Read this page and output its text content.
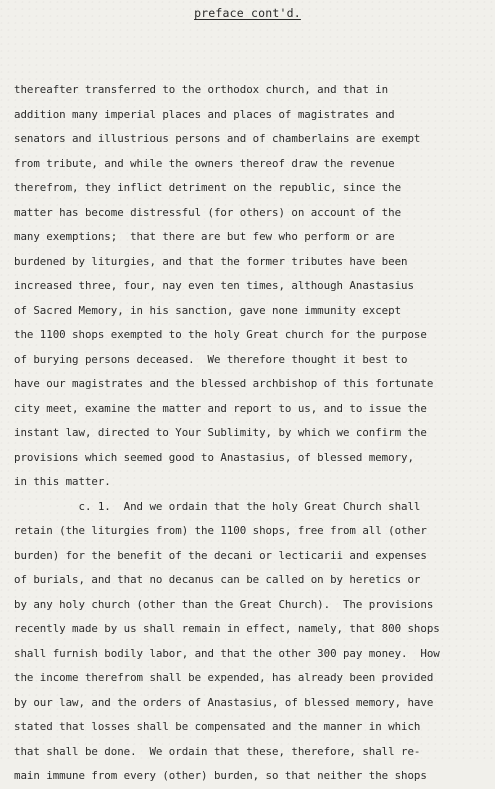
preface cont'd.
thereafter transferred to the orthodox church, and that in
addition many imperial places and places of magistrates and
senators and illustrious persons and of chamberlains are exempt
from tribute, and while the owners thereof draw the revenue
therefrom, they inflict detriment on the republic, since the
matter has become distressful (for others) on account of the
many exemptions;  that there are but few who perform or are
burdened by liturgies, and that the former tributes have been
increased three, four, nay even ten times, although Anastasius
of Sacred Memory, in his sanction, gave none immunity except
the 1100 shops exempted to the holy Great church for the purpose
of burying persons deceased.  We therefore thought it best to
have our magistrates and the blessed archbishop of this fortunate
city meet, examine the matter and report to us, and to issue the
instant law, directed to Your Sublimity, by which we confirm the
provisions which seemed good to Anastasius, of blessed memory,
in this matter.
c. 1.  And we ordain that the holy Great Church shall
retain (the liturgies from) the 1100 shops, free from all (other
burden) for the benefit of the decani or lecticarii and expenses
of burials, and that no decanus can be called on by heretics or
by any holy church (other than the Great Church).  The provisions
recently made by us shall remain in effect, namely, that 800 shops
shall furnish bodily labor, and that the other 300 pay money.  How
the income therefrom shall be expended, has already been provided
by our law, and the orders of Anastasius, of blessed memory, have
stated that losses shall be compensated and the manner in which
that shall be done.  We ordain that these, therefore, shall re-
main immune from every (other) burden, so that neither the shops
